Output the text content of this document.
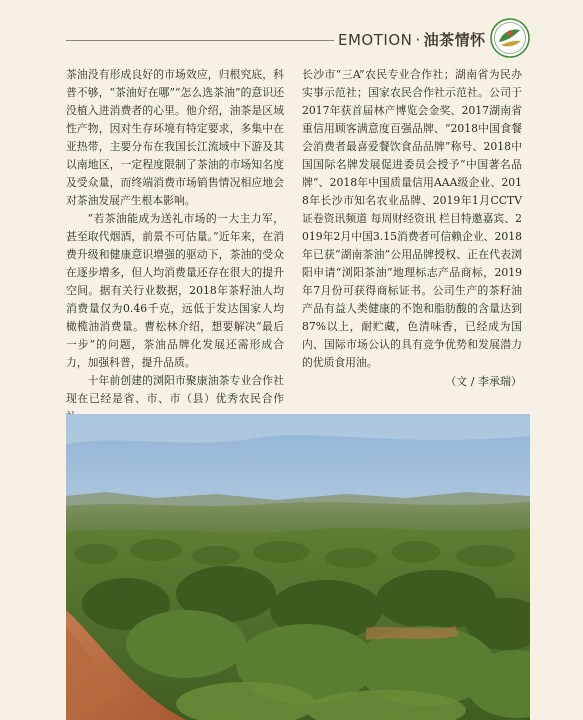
EMOTION · 油茶情怀

茶油没有形成良好的市场效应，归根究底，科普不够，“茶油好在哪”“怎么选茶油”的意识还没植入进消费者的心里。他介绍，油茶是区域性产物，因对生存环境有特定要求，多集中在亚热带，主要分布在我国长江流域中下游及其以南地区，一定程度限制了茶油的市场知名度及受众量，而终端消费市场销售情况相应地会对茶油发展产生根本影响。

“若茶油能成为送礼市场的一大主力军，甚至取代烟酒，前景不可估量。”近年来，在消费升级和健康意识增强的驱动下，茶油的受众在逐步增多，但人均消费量还存在很大的提升空间。据有关行业数据，2018年茶籽油人均消费量仅为0.46千克，远低于发达国家人均橄榄油消费量。曹松林介绍，想要解决“最后一步”的问题，茶油品牌化发展还需形成合力，加强科普，提升品质。

十年前创建的浏阳市聚康油茶专业合作社现在已经是省、市、市（县）优秀农民合作

长沙市“三A”农民专业合作社；湖南省为民办实事示范社；国家农民合作社示范社。公司于2017年获首届林产博览会金奖、2017湖南省重信用顾客满意度百强品牌、“2018中国食餐会消费者最喜爱餐饮食品品牌”称号、2018中国国际名牌发展促进委员会授予“中国著名品牌”、2018年中国质量信用AAA级企业、2018年长沙市知名农业品牌、2019年1月CCTV证卷资讯频道 每周财经资讯 栏目特邀嘉宾、2019年2月中国3.15消费者可信赖企业、2018年已获“湖南茶油”公用品牌授权、正在代表浏阳申请“浏阳茶油”地理标志产品商标，2019年7月份可获得商标证书。公司生产的茶籽油产品有益人类健康的不饱和脂肪酸的含量达到87%以上，耐贮藏，色清味香，已经成为国内、国际市场公认的具有竞争优势和发展潜力的优质食用油。

（文 / 李承瑞）
